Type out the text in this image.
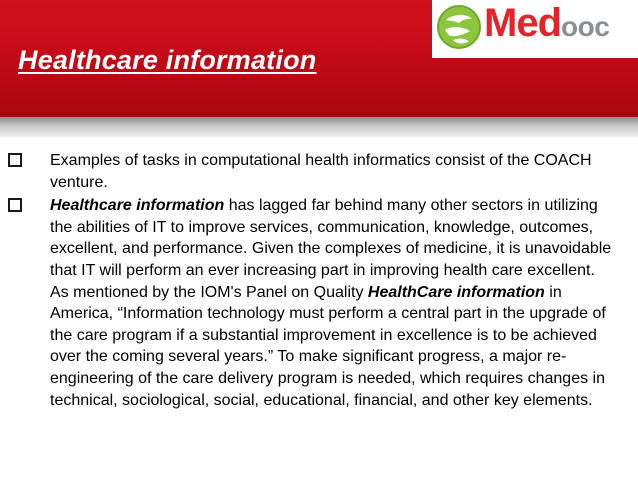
Healthcare information
Medooc
Examples of tasks in computational health informatics consist of the COACH venture.
Healthcare information has lagged far behind many other sectors in utilizing the abilities of IT to improve services, communication, knowledge, outcomes, excellent, and performance. Given the complexes of medicine, it is unavoidable that IT will perform an ever increasing part in improving health care excellent. As mentioned by the IOM's Panel on Quality HealthCare information in America, “Information technology must perform a central part in the upgrade of the care program if a substantial improvement in excellence is to be achieved over the coming several years.” To make significant progress, a major re-engineering of the care delivery program is needed, which requires changes in technical, sociological, social, educational, financial, and other key elements.
